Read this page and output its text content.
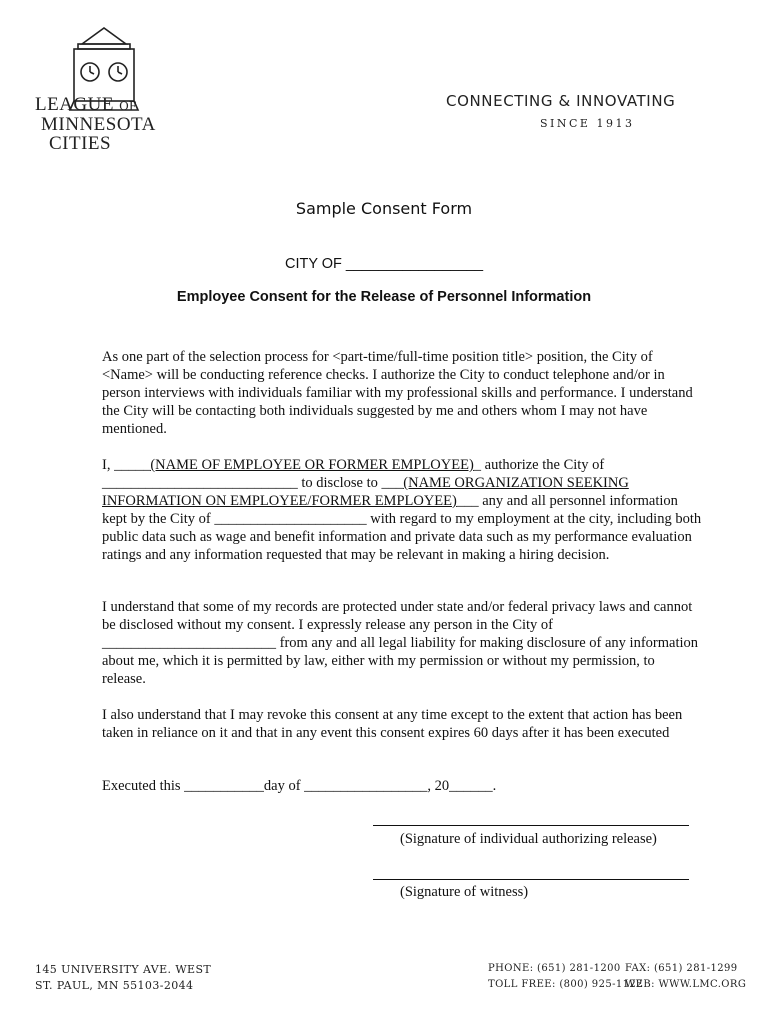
LEAGUE OF
MINNESOTA
CITIES
CONNECTING & INNOVATING
SINCE 1913
Sample Consent Form
CITY OF _________________
Employee Consent for the Release of Personnel Information
As one part of the selection process for <part-time/full-time position title> position, the City of <Name> will be conducting reference checks. I authorize the City to conduct telephone and/or in person interviews with individuals familiar with my professional skills and performance. I understand the City will be contacting both individuals suggested by me and others whom I may not have mentioned.
I, _____(NAME OF EMPLOYEE OR FORMER EMPLOYEE)_ authorize the City of ___________________________ to disclose to ___(NAME ORGANIZATION SEEKING INFORMATION ON EMPLOYEE/FORMER EMPLOYEE)___ any and all personnel information kept by the City of _____________________ with regard to my employment at the city, including both public data such as wage and benefit information and private data such as my performance evaluation ratings and any information requested that may be relevant in making a hiring decision.
I understand that some of my records are protected under state and/or federal privacy laws and cannot be disclosed without my consent. I expressly release any person in the City of ________________________ from any and all legal liability for making disclosure of any information about me, which it is permitted by law, either with my permission or without my permission, to release.
I also understand that I may revoke this consent at any time except to the extent that action has been taken in reliance on it and that in any event this consent expires 60 days after it has been executed
Executed this ___________day of _________________, 20______.
(Signature of individual authorizing release)
(Signature of witness)
145 UNIVERSITY AVE. WEST
ST. PAUL, MN 55103-2044
PHONE: (651) 281-1200 FAX: (651) 281-1299
TOLL FREE: (800) 925-1122
WEB: WWW.LMC.ORG
